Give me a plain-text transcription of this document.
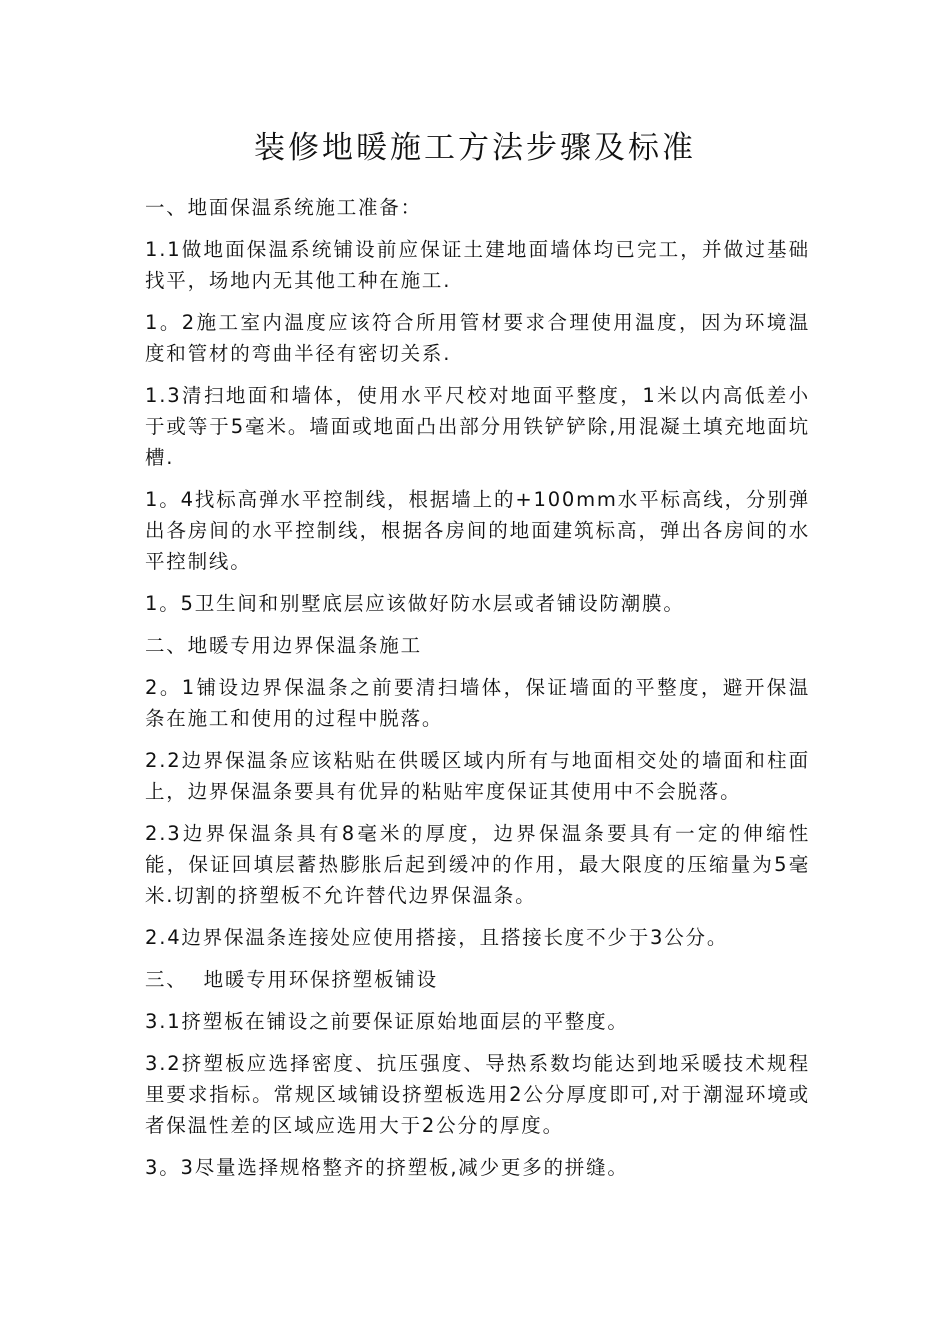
装修地暖施工方法步骤及标准
一、地面保温系统施工准备：

1.1做地面保温系统铺设前应保证土建地面墙体均已完工，并做过基础找平，场地内无其他工种在施工.

1。2施工室内温度应该符合所用管材要求合理使用温度，因为环境温度和管材的弯曲半径有密切关系.

1.3清扫地面和墙体，使用水平尺校对地面平整度，1米以内高低差小于或等于5毫米。墙面或地面凸出部分用铁铲铲除,用混凝土填充地面坑槽.

1。4找标高弹水平控制线，根据墙上的+100mm水平标高线，分别弹出各房间的水平控制线，根据各房间的地面建筑标高，弹出各房间的水平控制线。

1。5卫生间和别墅底层应该做好防水层或者铺设防潮膜。

二、地暖专用边界保温条施工

2。1铺设边界保温条之前要清扫墙体，保证墙面的平整度，避开保温条在施工和使用的过程中脱落。

2.2边界保温条应该粘贴在供暖区域内所有与地面相交处的墙面和柱面上，边界保温条要具有优异的粘贴牢度保证其使用中不会脱落。

2.3边界保温条具有8毫米的厚度，边界保温条要具有一定的伸缩性能，保证回填层蓄热膨胀后起到缓冲的作用，最大限度的压缩量为5毫米.切割的挤塑板不允许替代边界保温条。

2.4边界保温条连接处应使用搭接，且搭接长度不少于3公分。

三、  地暖专用环保挤塑板铺设

3.1挤塑板在铺设之前要保证原始地面层的平整度。

3.2挤塑板应选择密度、抗压强度、导热系数均能达到地采暖技术规程里要求指标。常规区域铺设挤塑板选用2公分厚度即可,对于潮湿环境或者保温性差的区域应选用大于2公分的厚度。

3。3尽量选择规格整齐的挤塑板,减少更多的拼缝。
